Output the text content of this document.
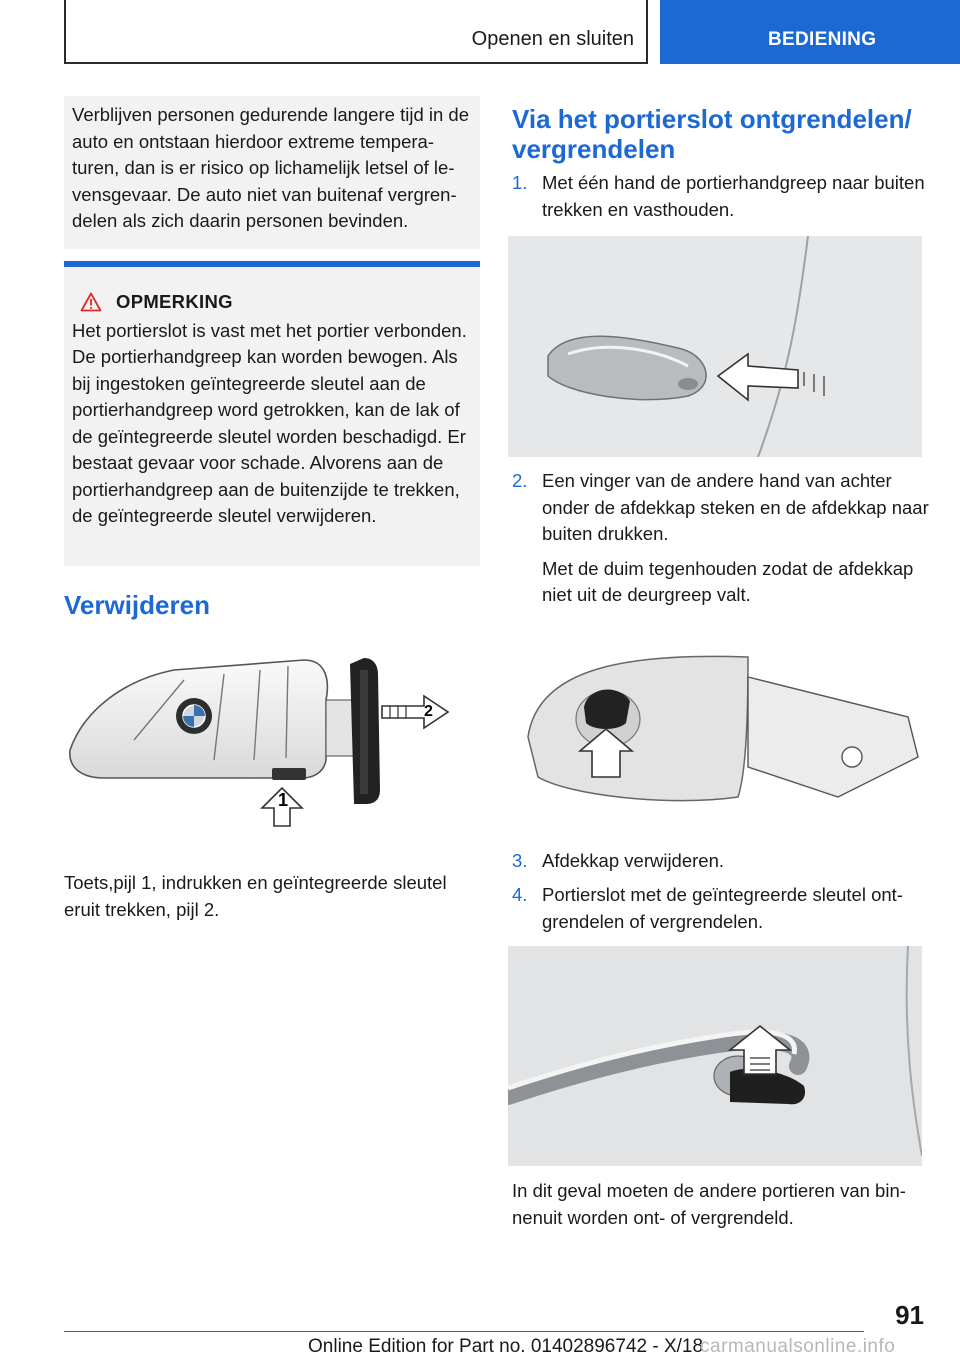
Openen en sluiten	BEDIENING
Verblijven personen gedurende langere tijd in de auto en ontstaan hierdoor extreme temperaturen, dan is er risico op lichamelijk letsel of levensgevaar. De auto niet van buitenaf vergrendelen als zich daarin personen bevinden.
OPMERKING
Het portierslot is vast met het portier verbonden. De portierhandgreep kan worden bewogen. Als bij ingestoken geïntegreerde sleutel aan de portierhandgreep word getrokken, kan de lak of de geïntegreerde sleutel worden beschadigd. Er bestaat gevaar voor schade. Alvorens aan de portierhandgreep aan de buitenzijde te trekken, de geïntegreerde sleutel verwijderen.
Verwijderen
1
2
Toets,pijl 1, indrukken en geïntegreerde sleutel eruit trekken, pijl 2.
Via het portierslot ontgrendelen/ vergrendelen
1. Met één hand de portierhandgreep naar buiten trekken en vasthouden.

2. Een vinger van de andere hand van achter onder de afdekkap steken en de afdekkap naar buiten drukken.

Met de duim tegenhouden zodat de afdekkap niet uit de deurgreep valt.

3. Afdekkap verwijderen.

4. Portierslot met de geïntegreerde sleutel ontgrendelen of vergrendelen.

In dit geval moeten de andere portieren van binnenuit worden ont- of vergrendeld.
91
Online Edition for Part no. 01402896742 - X/18
carmanualsonline.info
